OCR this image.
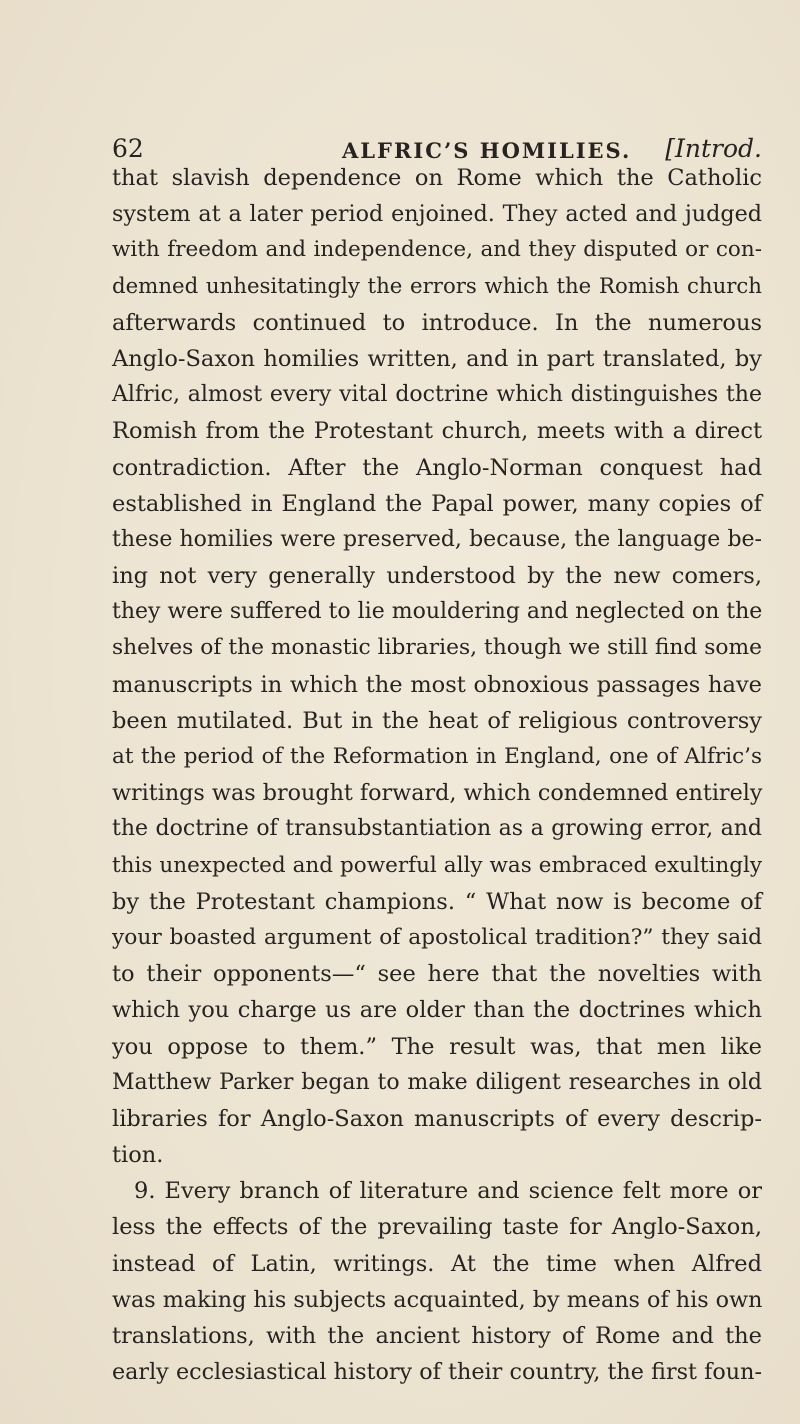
62	ALFRIC’S HOMILIES. [Introd.
that slavish dependence on Rome which the Catholic
system at a later period enjoined. They acted and judged
with freedom and independence, and they disputed or con-
demned unhesitatingly the errors which the Romish church
afterwards continued to introduce. In the numerous
Anglo-Saxon homilies written, and in part translated, by
Alfric, almost every vital doctrine which distinguishes the
Romish from the Protestant church, meets with a direct
contradiction. After the Anglo-Norman conquest had
established in England the Papal power, many copies of
these homilies were preserved, because, the language be-
ing not very generally understood by the new comers,
they were suffered to lie mouldering and neglected on the
shelves of the monastic libraries, though we still find some
manuscripts in which the most obnoxious passages have
been mutilated. But in the heat of religious controversy
at the period of the Reformation in England, one of Alfric’s
writings was brought forward, which condemned entirely
the doctrine of transubstantiation as a growing error, and
this unexpected and powerful ally was embraced exultingly
by the Protestant champions. “ What now is become of
your boasted argument of apostolical tradition?” they said
to their opponents—“ see here that the novelties with
which you charge us are older than the doctrines which
you oppose to them.” The result was, that men like
Matthew Parker began to make diligent researches in old
libraries for Anglo-Saxon manuscripts of every descrip-
tion.
9. Every branch of literature and science felt more or
less the effects of the prevailing taste for Anglo-Saxon,
instead of Latin, writings. At the time when Alfred
was making his subjects acquainted, by means of his own
translations, with the ancient history of Rome and the
early ecclesiastical history of their country, the first foun-
